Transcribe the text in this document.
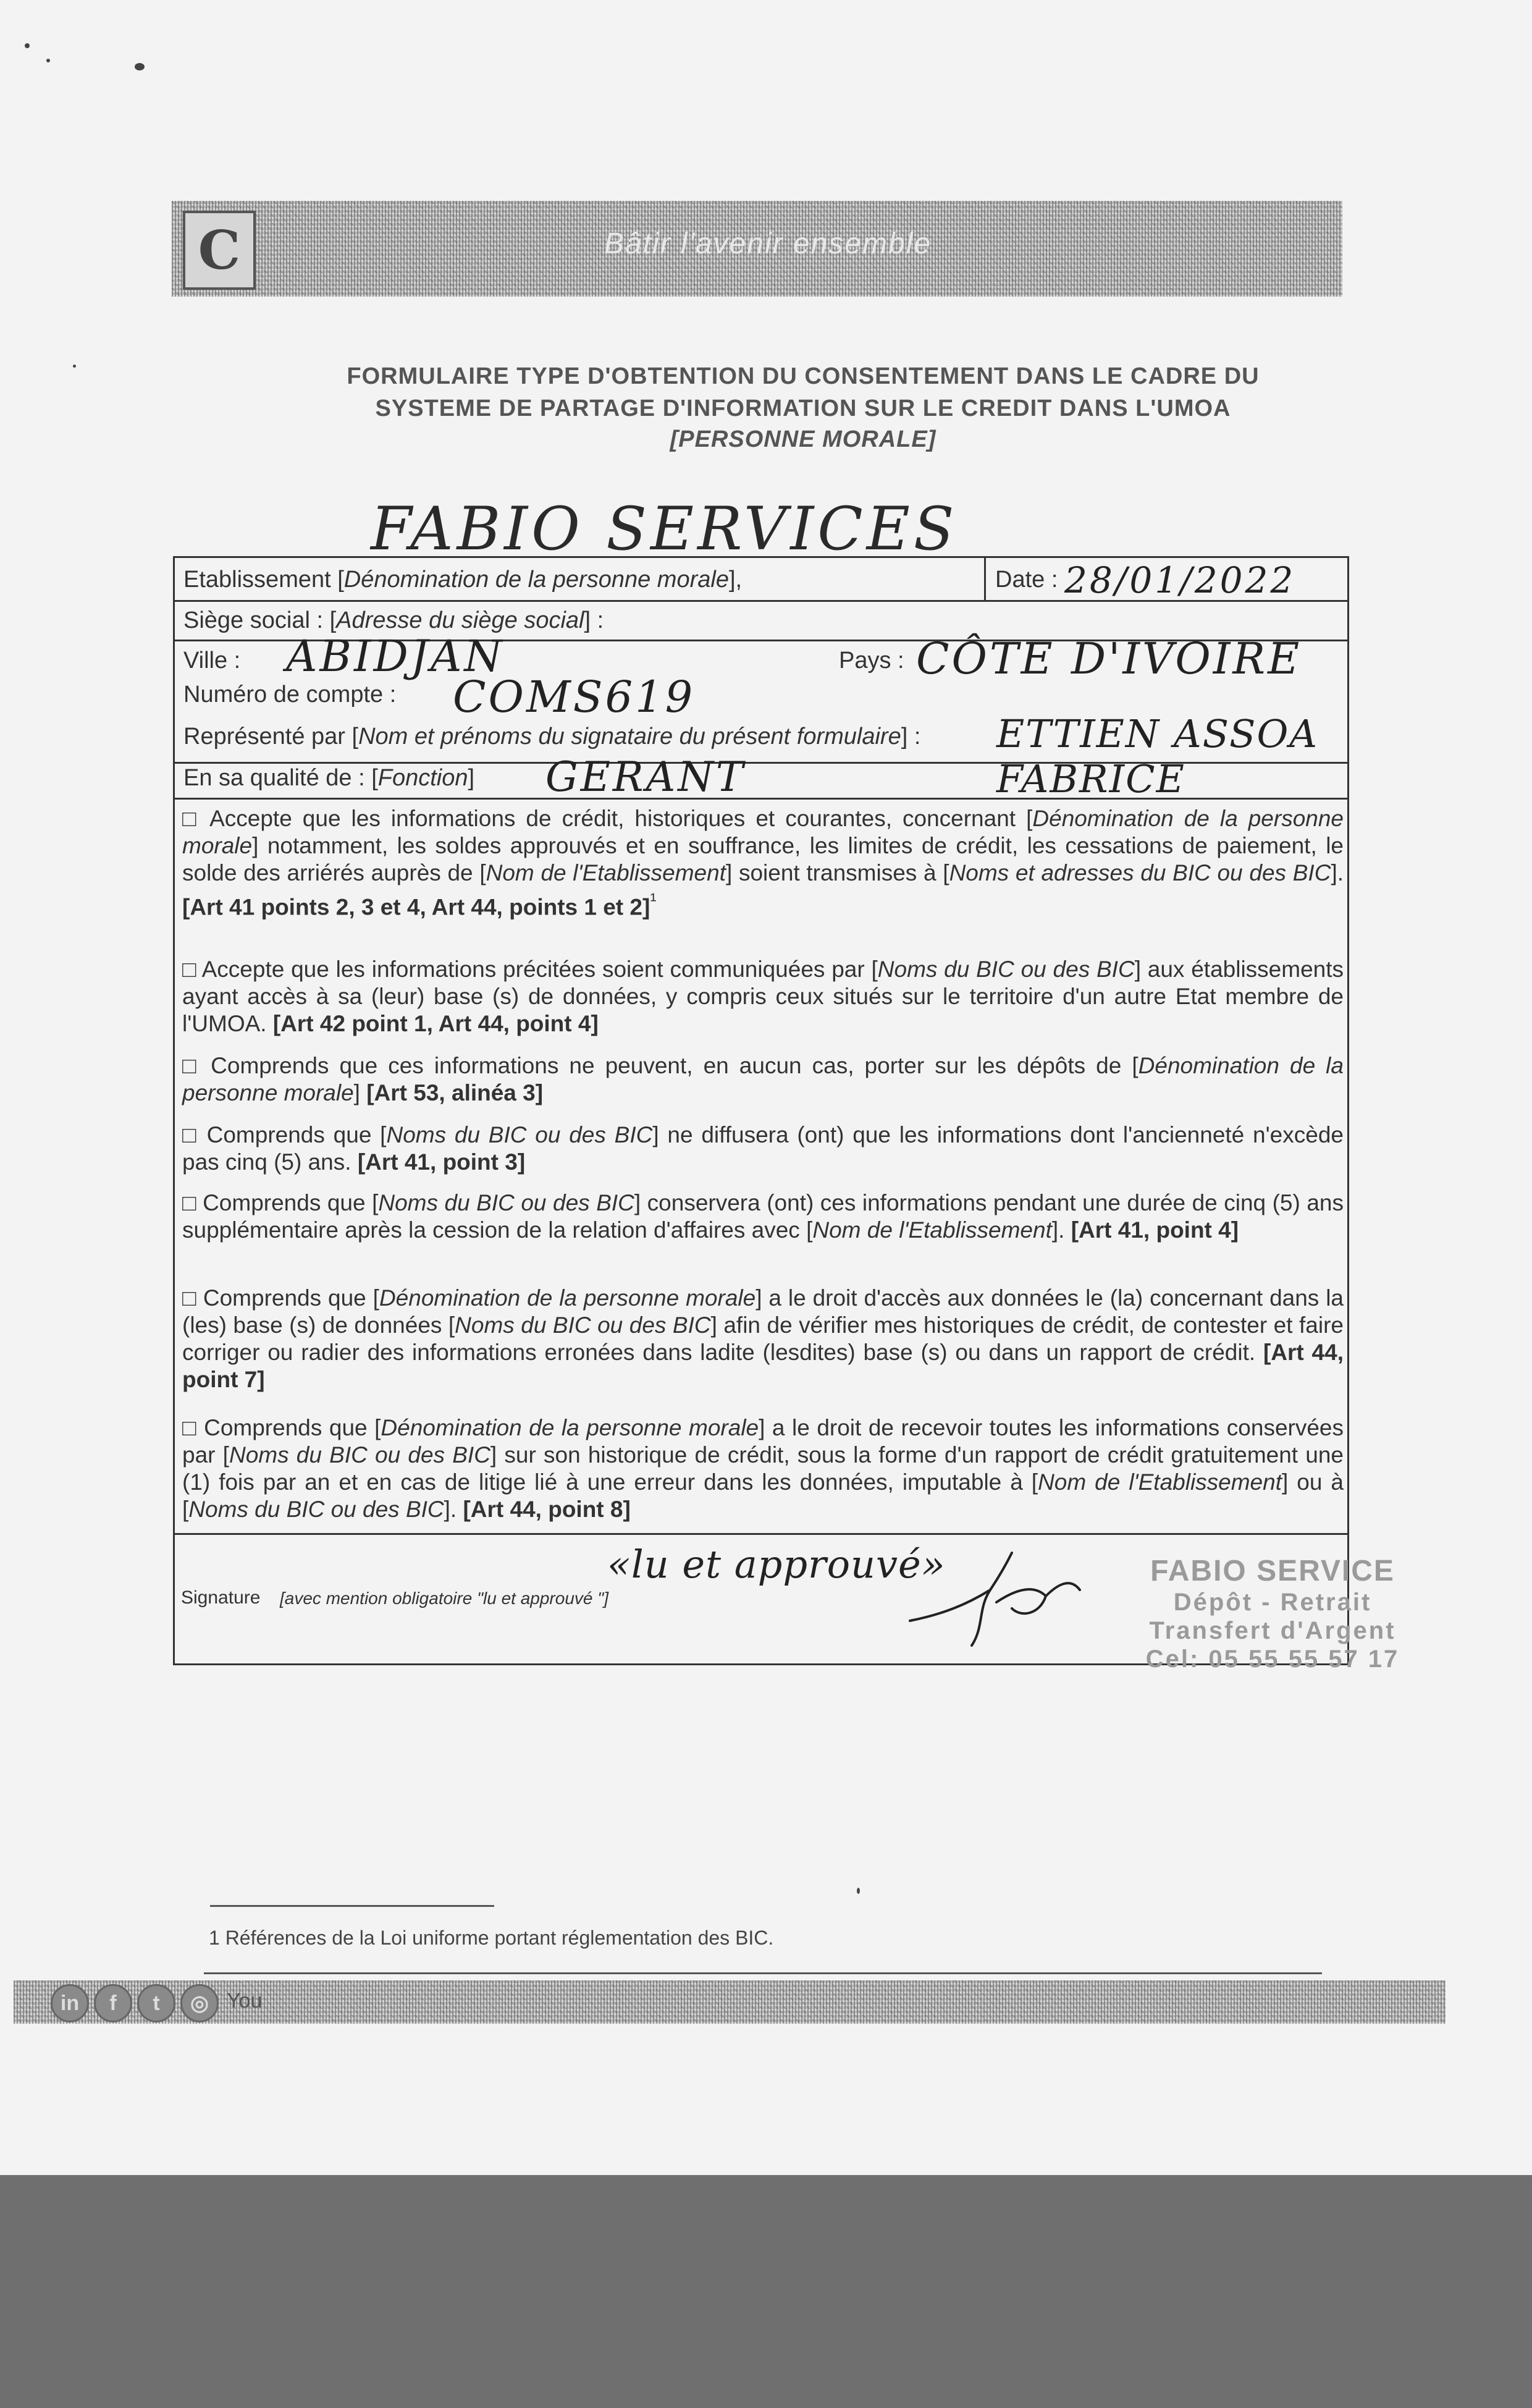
C	Bâtir l'avenir ensemble
FORMULAIRE TYPE D'OBTENTION DU CONSENTEMENT DANS LE CADRE DU
SYSTEME DE PARTAGE D'INFORMATION SUR LE CREDIT DANS L'UMOA
[PERSONNE MORALE]
FABIO SERVICES
Etablissement [Dénomination de la personne morale],	Date : 28/01/2022
Siège social : [Adresse du siège social] :
Ville : ABIDJAN	Pays : CÔTE D'IVOIRE
Numéro de compte : COMS619
Représenté par [Nom et prénoms du signataire du présent formulaire] : ETTIEN ASSOA FABRICE
En sa qualité de : [Fonction] GERANT
□ Accepte que les informations de crédit, historiques et courantes, concernant [Dénomination de la personne morale] notamment, les soldes approuvés et en souffrance, les limites de crédit, les cessations de paiement, le solde des arriérés auprès de [Nom de l'Etablissement] soient transmises à [Noms et adresses du BIC ou des BIC]. [Art 41 points 2, 3 et 4, Art 44, points 1 et 2]$^{^1}$
□ Accepte que les informations précitées soient communiquées par [Noms du BIC ou des BIC] aux établissements ayant accès à sa (leur) base (s) de données, y compris ceux situés sur le territoire d'un autre Etat membre de l'UMOA. [Art 42 point 1, Art 44, point 4]
□ Comprends que ces informations ne peuvent, en aucun cas, porter sur les dépôts de [Dénomination de la personne morale] [Art 53, alinéa 3]
□ Comprends que [Noms du BIC ou des BIC] ne diffusera (ont) que les informations dont l'ancienneté n'excède pas cinq (5) ans. [Art 41, point 3]
□ Comprends que [Noms du BIC ou des BIC] conservera (ont) ces informations pendant une durée de cinq (5) ans supplémentaire après la cession de la relation d'affaires avec [Nom de l'Etablissement]. [Art 41, point 4]
□ Comprends que [Dénomination de la personne morale] a le droit d'accès aux données le (la) concernant dans la (les) base (s) de données [Noms du BIC ou des BIC] afin de vérifier mes historiques de crédit, de contester et faire corriger ou radier des informations erronées dans ladite (lesdites) base (s) ou dans un rapport de crédit. [Art 44, point 7]
□ Comprends que [Dénomination de la personne morale] a le droit de recevoir toutes les informations conservées par [Noms du BIC ou des BIC] sur son historique de crédit, sous la forme d'un rapport de crédit gratuitement une (1) fois par an et en cas de litige lié à une erreur dans les données, imputable à [Nom de l'Etablissement] ou à [Noms du BIC ou des BIC]. [Art 44, point 8]
«lu et approuvé»
Signature [avec mention obligatoire "lu et approuvé "]
FABIO SERVICE
Dépôt - Retrait
Transfert d'Argent
Cel: 05 55 55 57 17
1 Références de la Loi uniforme portant réglementation des BIC.
in	f	t	◎ You
